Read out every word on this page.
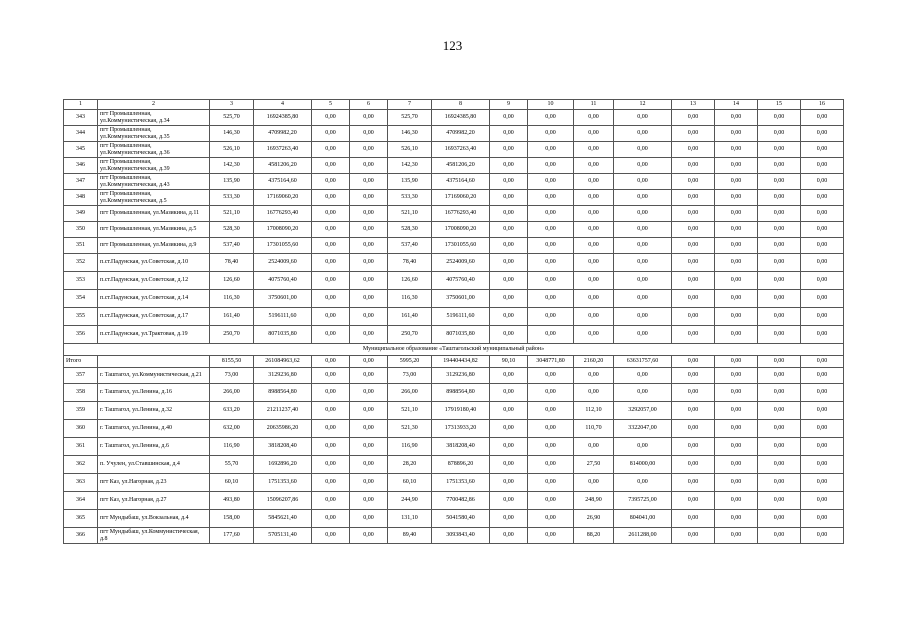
123
1	2	3	4	5	6	7	8	9	10	11	12	13	14	15	16
343	пгт Промышленная, ул.Коммунистическая, д.34	525,70	16924385,80	0,00	0,00	525,70	16924385,80	0,00	0,00	0,00	0,00	0,00	0,00	0,00	0,00
344	пгт Промышленная, ул.Коммунистическая, д.35	146,30	4709982,20	0,00	0,00	146,30	4709982,20	0,00	0,00	0,00	0,00	0,00	0,00	0,00	0,00
345	пгт Промышленная, ул.Коммунистическая, д.36	526,10	16937263,40	0,00	0,00	526,10	16937263,40	0,00	0,00	0,00	0,00	0,00	0,00	0,00	0,00
346	пгт Промышленная, ул.Коммунистическая, д.39	142,30	4581206,20	0,00	0,00	142,30	4581206,20	0,00	0,00	0,00	0,00	0,00	0,00	0,00	0,00
347	пгт Промышленная, ул.Коммунистическая, д.43	135,90	4375164,60	0,00	0,00	135,90	4375164,60	0,00	0,00	0,00	0,00	0,00	0,00	0,00	0,00
348	пгт Промышленная, ул.Коммунистическая, д.5	533,30	17169060,20	0,00	0,00	533,30	17169060,20	0,00	0,00	0,00	0,00	0,00	0,00	0,00	0,00
349	пгт Промышленная, ул.Мазикина, д.11	521,10	16776293,40	0,00	0,00	521,10	16776293,40	0,00	0,00	0,00	0,00	0,00	0,00	0,00	0,00
350	пгт Промышленная, ул.Мазикина, д.5	528,30	17008090,20	0,00	0,00	528,30	17008090,20	0,00	0,00	0,00	0,00	0,00	0,00	0,00	0,00
351	пгт Промышленная, ул.Мазикина, д.9	537,40	17301055,60	0,00	0,00	537,40	17301055,60	0,00	0,00	0,00	0,00	0,00	0,00	0,00	0,00
352	п.ст.Падунская, ул.Советская, д.10	78,40	2524009,60	0,00	0,00	78,40	2524009,60	0,00	0,00	0,00	0,00	0,00	0,00	0,00	0,00
353	п.ст.Падунская, ул.Советская, д.12	126,60	4075760,40	0,00	0,00	126,60	4075760,40	0,00	0,00	0,00	0,00	0,00	0,00	0,00	0,00
354	п.ст.Падунская, ул.Советская, д.14	116,30	3750601,00	0,00	0,00	116,30	3750601,00	0,00	0,00	0,00	0,00	0,00	0,00	0,00	0,00
355	п.ст.Падунская, ул.Советская, д.17	161,40	5196111,60	0,00	0,00	161,40	5196111,60	0,00	0,00	0,00	0,00	0,00	0,00	0,00	0,00
356	п.ст.Падунская, ул.Трактовая, д.19	250,70	8071035,80	0,00	0,00	250,70	8071035,80	0,00	0,00	0,00	0,00	0,00	0,00	0,00	0,00
Муниципальное образование «Таштагольский муниципальный район»															
Итого		8155,50	261084963,62	0,00	0,00	5995,20	194404434,82	90,10	3048771,80	2160,20	63631757,60	0,00	0,00	0,00	0,00
357	г. Таштагол, ул.Коммунистическая, д.21	73,00	3129236,80	0,00	0,00	73,00	3129236,80	0,00	0,00	0,00	0,00	0,00	0,00	0,00	0,00
358	г. Таштагол, ул.Ленина, д.16	266,00	8988564,80	0,00	0,00	266,00	8988564,80	0,00	0,00	0,00	0,00	0,00	0,00	0,00	0,00
359	г. Таштагол, ул.Ленина, д.32	633,20	21211237,40	0,00	0,00	521,10	17919180,40	0,00	0,00	112,10	3292057,00	0,00	0,00	0,00	0,00
360	г. Таштагол, ул.Ленина, д.40	632,00	20635986,20	0,00	0,00	521,30	17313933,20	0,00	0,00	110,70	3322047,00	0,00	0,00	0,00	0,00
361	г. Таштагол, ул.Ленина, д.6	116,90	3818208,40	0,00	0,00	116,90	3818208,40	0,00	0,00	0,00	0,00	0,00	0,00	0,00	0,00
362	п. Учулен, ул.Ставшинская, д.4	55,70	1692896,20	0,00	0,00	28,20	878896,20	0,00	0,00	27,50	814000,00	0,00	0,00	0,00	0,00
363	пгт Каз, ул.Нагорная, д.23	60,10	1751353,60	0,00	0,00	60,10	1751353,60	0,00	0,00	0,00	0,00	0,00	0,00	0,00	0,00
364	пгт Каз, ул.Нагорная, д.27	493,80	15096207,86	0,00	0,00	244,90	7700482,86	0,00	0,00	248,90	7395725,00	0,00	0,00	0,00	0,00
365	пгт Мундыбаш, ул.Вокзальная, д.4	158,00	5845621,40	0,00	0,00	131,10	5041580,40	0,00	0,00	26,90	804041,00	0,00	0,00	0,00	0,00
366	пгт Мундыбаш, ул.Коммунистическая, д.8	177,60	5705131,40	0,00	0,00	89,40	3093843,40	0,00	0,00	88,20	2611288,00	0,00	0,00	0,00	0,00
